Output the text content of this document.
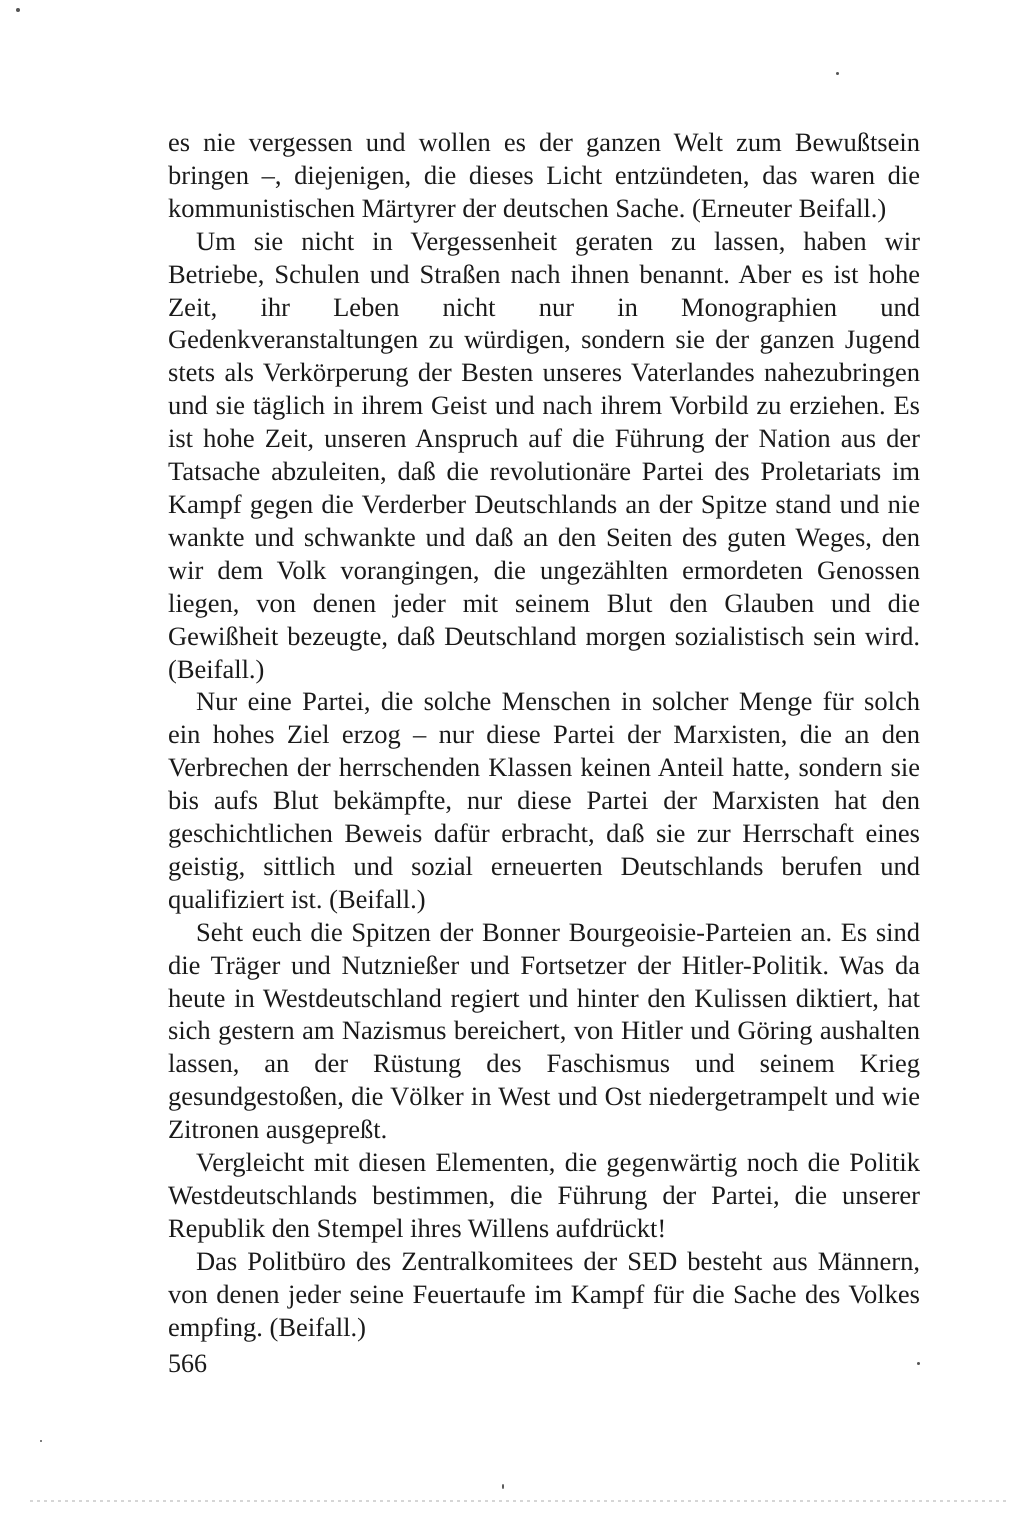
es nie vergessen und wollen es der ganzen Welt zum Bewußtsein bringen –, diejenigen, die dieses Licht entzündeten, das waren die kommunistischen Märtyrer der deutschen Sache. (Erneuter Beifall.)

Um sie nicht in Vergessenheit geraten zu lassen, haben wir Betriebe, Schulen und Straßen nach ihnen benannt. Aber es ist hohe Zeit, ihr Leben nicht nur in Monographien und Gedenkveranstaltungen zu würdigen, sondern sie der ganzen Jugend stets als Verkörperung der Besten unseres Vaterlandes nahezubringen und sie täglich in ihrem Geist und nach ihrem Vorbild zu erziehen. Es ist hohe Zeit, unseren Anspruch auf die Führung der Nation aus der Tatsache abzuleiten, daß die revolutionäre Partei des Proletariats im Kampf gegen die Verderber Deutschlands an der Spitze stand und nie wankte und schwankte und daß an den Seiten des guten Weges, den wir dem Volk vorangingen, die ungezählten ermordeten Genossen liegen, von denen jeder mit seinem Blut den Glauben und die Gewißheit bezeugte, daß Deutschland morgen sozialistisch sein wird. (Beifall.)

Nur eine Partei, die solche Menschen in solcher Menge für solch ein hohes Ziel erzog – nur diese Partei der Marxisten, die an den Verbrechen der herrschenden Klassen keinen Anteil hatte, sondern sie bis aufs Blut bekämpfte, nur diese Partei der Marxisten hat den geschichtlichen Beweis dafür erbracht, daß sie zur Herrschaft eines geistig, sittlich und sozial erneuerten Deutschlands berufen und qualifiziert ist. (Beifall.)

Seht euch die Spitzen der Bonner Bourgeoisie-Parteien an. Es sind die Träger und Nutznießer und Fortsetzer der Hitler-Politik. Was da heute in Westdeutschland regiert und hinter den Kulissen diktiert, hat sich gestern am Nazismus bereichert, von Hitler und Göring aushalten lassen, an der Rüstung des Faschismus und seinem Krieg gesundgestoßen, die Völker in West und Ost niedergetrampelt und wie Zitronen ausgepreßt.

Vergleicht mit diesen Elementen, die gegenwärtig noch die Politik Westdeutschlands bestimmen, die Führung der Partei, die unserer Republik den Stempel ihres Willens aufdrückt!

Das Politbüro des Zentralkomitees der SED besteht aus Männern, von denen jeder seine Feuertaufe im Kampf für die Sache des Volkes empfing. (Beifall.)

566
